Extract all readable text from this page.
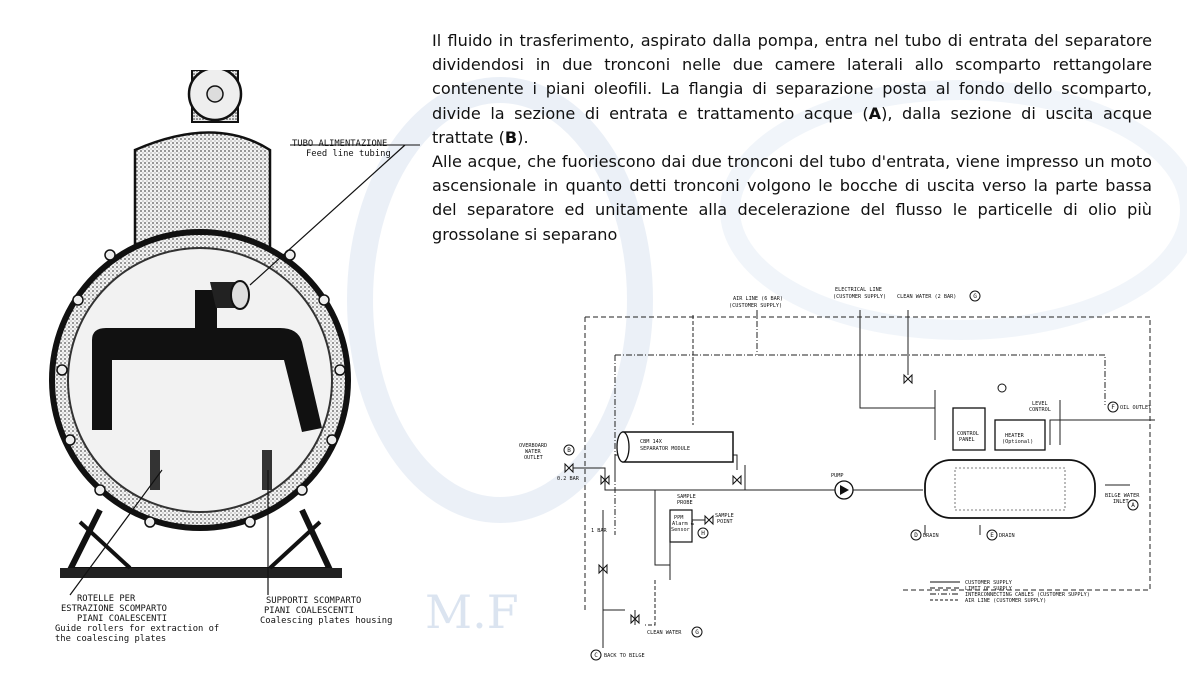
M.F
TUBO ALIMENTAZIONE
Feed line tubing
ROTELLE PER
ESTRAZIONE SCOMPARTO
PIANI COALESCENTI
Guide rollers for extraction of
the coalescing plates
SUPPORTI SCOMPARTO
PIANI COALESCENTI
Coalescing plates housing

Il fluido in trasferimento, aspirato dalla pompa, entra nel tubo di entrata del separatore dividendosi in due tronconi nelle due camere laterali allo scomparto rettangolare contenente i piani oleofili. La flangia di separazione posta al fondo dello scomparto, divide la sezione di entrata e trattamento acque (A), dalla sezione di uscita acque trattate (B).

Alle acque, che fuoriescono dai due tronconi del tubo d'entrata, viene impresso un moto ascensionale in quanto detti tronconi volgono le bocche di uscita verso la parte bassa del separatore ed unitamente alla decelerazione del flusso le particelle di olio più grossolane si separano

B
G
H	D	E
F
A
G
C
AIR LINE (6 BAR)
(CUSTOMER SUPPLY)
ELECTRICAL LINE
(CUSTOMER SUPPLY) CLEAN WATER (2 BAR)
OVERBOARD
WATER
OUTLET
0.2 BAR
CBM 14X
SEPARATOR MODULE
SAMPLE
PROBE
PPM
Alarm &
Sensor
SAMPLE
POINT
1 BAR
PUMP
CONTROL
PANEL
HEATER
(Optional)
LEVEL
CONTROL	OIL OUTLET
BILGE WATER
INLET
DRAIN	DRAIN
CLEAN WATER
BACK TO BILGE
CUSTOMER SUPPLY
LIMIT OF SUPPLY
INTERCONNECTING CABLES (CUSTOMER SUPPLY)
AIR LINE (CUSTOMER SUPPLY)
